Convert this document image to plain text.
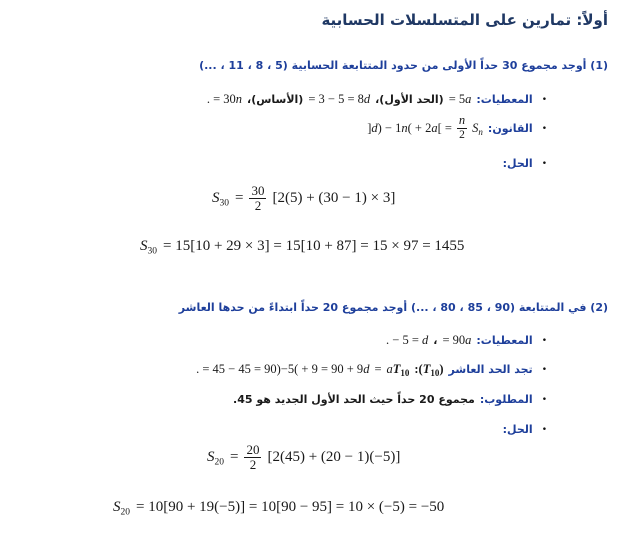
أولاً: تمارين على المتسلسلات الحسابية
(1) أوجد مجموع 30 حداً الأولى من حدود المتتابعة الحسابية (5 ، 8 ، 11 ، ...)
. = 30n (الأساس)، = 3 − 5 = 8d (الحد الأول)، = 5a المعطيات: •
]$d) - 1n( + 2a[ = \frac{n}{2} S_n$ القانون: •
الحل: •
$S_{30} = \frac{30}{2} [2(5) + (30 - 1) \times 3]$
$S_{30} = 15[10 + 29 \times 3] = 15[10 + 87] = 15 \times 97 = 1455$
(2) في المتتابعة (90 ، 85 ، 80 ، ...) أوجد مجموع 20 حداً ابتداءً من حدها العاشر
. − 5 = d ، = 90a المعطيات: •
. = $45 - 45 = 90)-5( + 9 = 90 + 9d = aT_{10}$ $:(T_{10})$ تجد الحد العاشر •
مجموع 20 حداً حيث الحد الأول الجديد هو 45. المطلوب: •
الحل: •
$S_{20} = \frac{20}{2} [2(45) + (20 - 1)(-5)]$
$S_{20} = 10[90 + 19(-5)] = 10[90 - 95] = 10 \times (-5) = -50$
